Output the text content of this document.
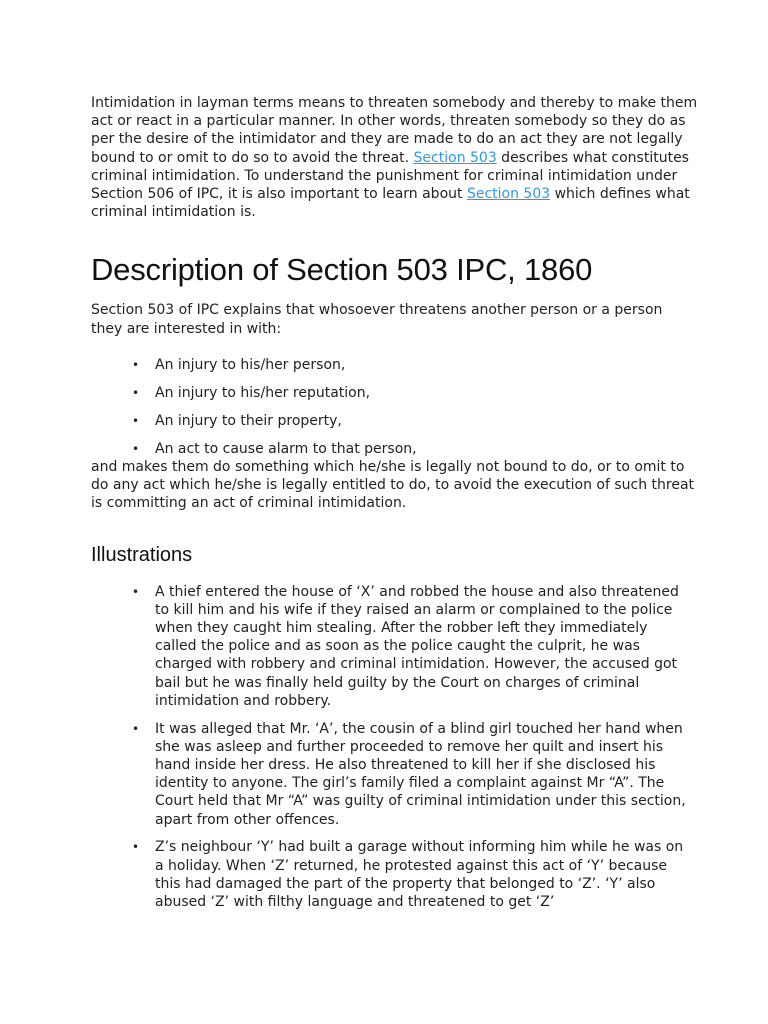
Intimidation in layman terms means to threaten somebody and thereby to make them act or react in a particular manner. In other words, threaten somebody so they do as per the desire of the intimidator and they are made to do an act they are not legally bound to or omit to do so to avoid the threat. Section 503 describes what constitutes criminal intimidation. To understand the punishment for criminal intimidation under Section 506 of IPC, it is also important to learn about Section 503 which defines what criminal intimidation is.

Description of Section 503 IPC, 1860

Section 503 of IPC explains that whosoever threatens another person or a person they are interested in with:

• An injury to his/her person,
• An injury to his/her reputation,
• An injury to their property,
• An act to cause alarm to that person,

and makes them do something which he/she is legally not bound to do, or to omit to do any act which he/she is legally entitled to do, to avoid the execution of such threat is committing an act of criminal intimidation.

Illustrations
• A thief entered the house of ‘X’ and robbed the house and also threatened to kill him and his wife if they raised an alarm or complained to the police when they caught him stealing. After the robber left they immediately called the police and as soon as the police caught the culprit, he was charged with robbery and criminal intimidation. However, the accused got bail but he was finally held guilty by the Court on charges of criminal intimidation and robbery.
• It was alleged that Mr. ‘A’, the cousin of a blind girl touched her hand when she was asleep and further proceeded to remove her quilt and insert his hand inside her dress. He also threatened to kill her if she disclosed his identity to anyone. The girl’s family filed a complaint against Mr “A”. The Court held that Mr “A” was guilty of criminal intimidation under this section, apart from other offences.
• Z’s neighbour ‘Y’ had built a garage without informing him while he was on a holiday. When ‘Z’ returned, he protested against this act of ‘Y’ because this had damaged the part of the property that belonged to ‘Z’. ‘Y’ also abused ‘Z’ with filthy language and threatened to get ‘Z’
